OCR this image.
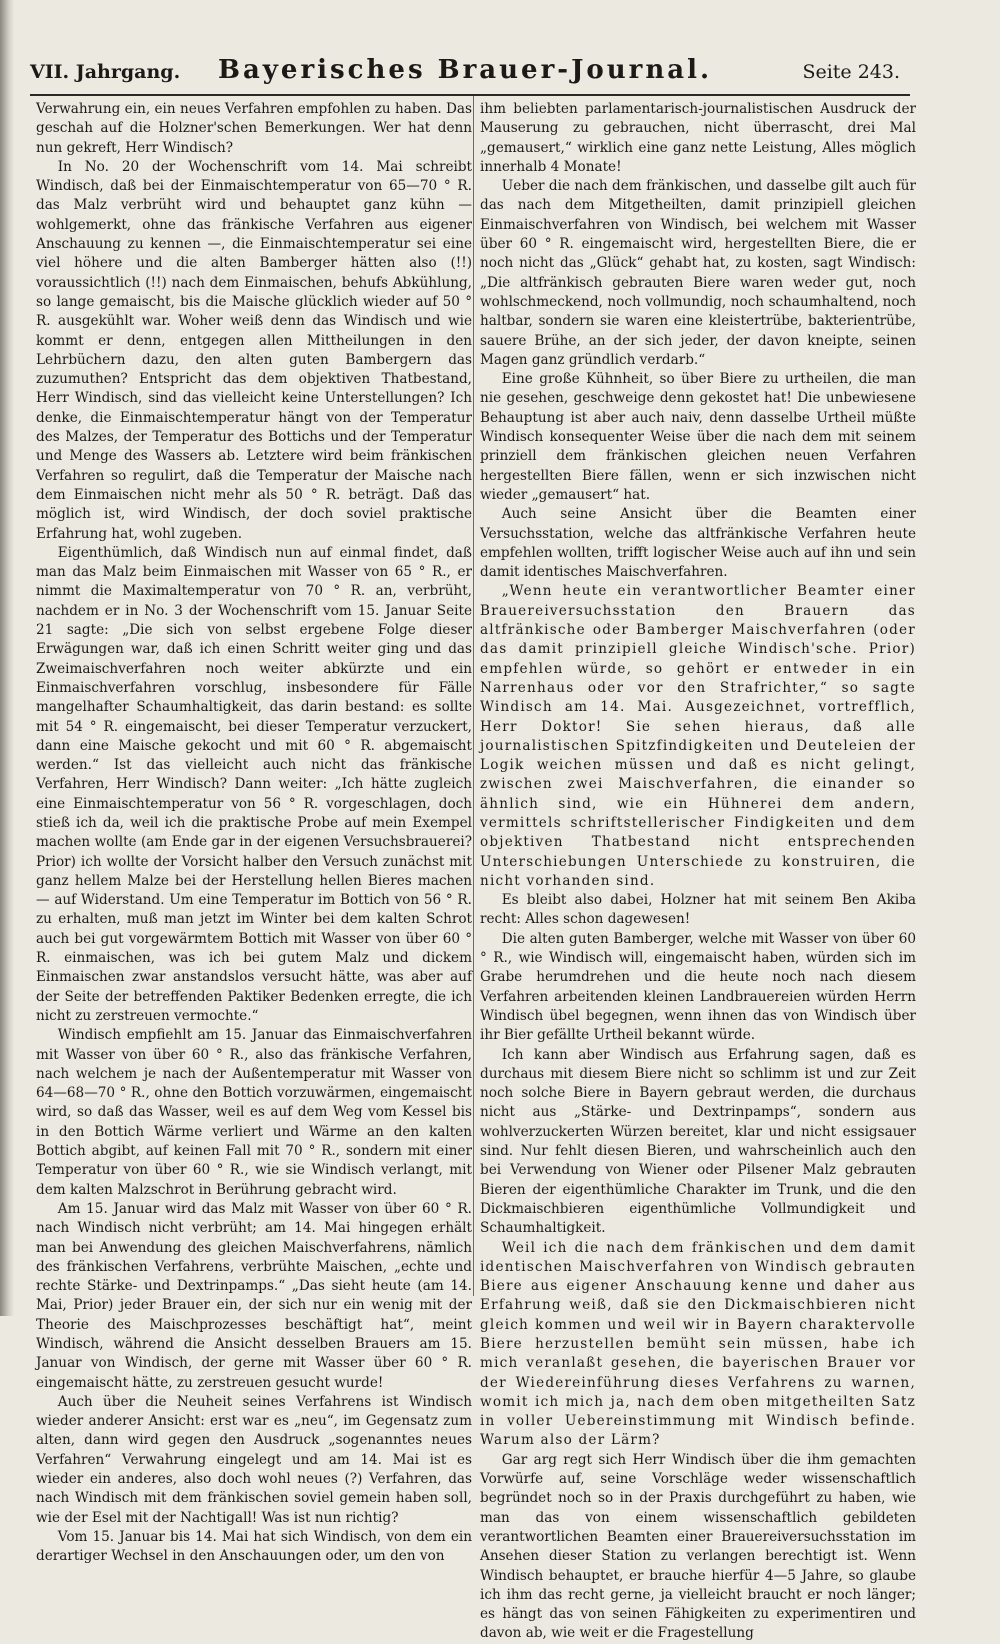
VII. Jahrgang.	Bayerisches Brauer-Journal.	Seite 243.

Verwahrung ein, ein neues Verfahren empfohlen zu haben. Das geschah auf die Holzner'schen Bemerkungen. Wer hat denn nun gekreft, Herr Windisch?

In No. 20 der Wochenschrift vom 14. Mai schreibt Windisch, daß bei der Einmaischtemperatur von 65—70 ° R. das Malz verbrüht wird und behauptet ganz kühn — wohlgemerkt, ohne das fränkische Verfahren aus eigener Anschauung zu kennen —, die Einmaischtemperatur sei eine viel höhere und die alten Bamberger hätten also (!!) voraussichtlich (!!) nach dem Einmaischen, behufs Abkühlung, so lange gemaischt, bis die Maische glücklich wieder auf 50 ° R. ausgekühlt war. Woher weiß denn das Windisch und wie kommt er denn, entgegen allen Mittheilungen in den Lehrbüchern dazu, den alten guten Bambergern das zuzumuthen? Entspricht das dem objektiven Thatbestand, Herr Windisch, sind das vielleicht keine Unterstellungen? Ich denke, die Einmaischtemperatur hängt von der Temperatur des Malzes, der Temperatur des Bottichs und der Temperatur und Menge des Wassers ab. Letztere wird beim fränkischen Verfahren so regulirt, daß die Temperatur der Maische nach dem Einmaischen nicht mehr als 50 ° R. beträgt. Daß das möglich ist, wird Windisch, der doch soviel praktische Erfahrung hat, wohl zugeben.

Eigenthümlich, daß Windisch nun auf einmal findet, daß man das Malz beim Einmaischen mit Wasser von 65 ° R., er nimmt die Maximaltemperatur von 70 ° R. an, verbrüht, nachdem er in No. 3 der Wochenschrift vom 15. Januar Seite 21 sagte: „Die sich von selbst ergebene Folge dieser Erwägungen war, daß ich einen Schritt weiter ging und das Zweimaischverfahren noch weiter abkürzte und ein Einmaischverfahren vorschlug, insbesondere für Fälle mangelhafter Schaumhaltigkeit, das darin bestand: es sollte mit 54 ° R. eingemaischt, bei dieser Temperatur verzuckert, dann eine Maische gekocht und mit 60 ° R. abgemaischt werden.“ Ist das vielleicht auch nicht das fränkische Verfahren, Herr Windisch? Dann weiter: „Ich hätte zugleich eine Einmaischtemperatur von 56 ° R. vorgeschlagen, doch stieß ich da, weil ich die praktische Probe auf mein Exempel machen wollte (am Ende gar in der eigenen Versuchsbrauerei? Prior) ich wollte der Vorsicht halber den Versuch zunächst mit ganz hellem Malze bei der Herstellung hellen Bieres machen — auf Widerstand. Um eine Temperatur im Bottich von 56 ° R. zu erhalten, muß man jetzt im Winter bei dem kalten Schrot auch bei gut vorgewärmtem Bottich mit Wasser von über 60 ° R. einmaischen, was ich bei gutem Malz und dickem Einmaischen zwar anstandslos versucht hätte, was aber auf der Seite der betreffenden Paktiker Bedenken erregte, die ich nicht zu zerstreuen vermochte.“

Windisch empfiehlt am 15. Januar das Einmaischverfahren mit Wasser von über 60 ° R., also das fränkische Verfahren, nach welchem je nach der Außentemperatur mit Wasser von 64—68—70 ° R., ohne den Bottich vorzuwärmen, eingemaischt wird, so daß das Wasser, weil es auf dem Weg vom Kessel bis in den Bottich Wärme verliert und Wärme an den kalten Bottich abgibt, auf keinen Fall mit 70 ° R., sondern mit einer Temperatur von über 60 ° R., wie sie Windisch verlangt, mit dem kalten Malzschrot in Berührung gebracht wird.

Am 15. Januar wird das Malz mit Wasser von über 60 ° R. nach Windisch nicht verbrüht; am 14. Mai hingegen erhält man bei Anwendung des gleichen Maischverfahrens, nämlich des fränkischen Verfahrens, verbrühte Maischen, „echte und rechte Stärke- und Dextrinpamps.“ „Das sieht heute (am 14. Mai, Prior) jeder Brauer ein, der sich nur ein wenig mit der Theorie des Maischprozesses beschäftigt hat“, meint Windisch, während die Ansicht desselben Brauers am 15. Januar von Windisch, der gerne mit Wasser über 60 ° R. eingemaischt hätte, zu zerstreuen gesucht wurde!

Auch über die Neuheit seines Verfahrens ist Windisch wieder anderer Ansicht: erst war es „neu“, im Gegensatz zum alten, dann wird gegen den Ausdruck „sogenanntes neues Verfahren“ Verwahrung eingelegt und am 14. Mai ist es wieder ein anderes, also doch wohl neues (?) Verfahren, das nach Windisch mit dem fränkischen soviel gemein haben soll, wie der Esel mit der Nachtigall! Was ist nun richtig?

Vom 15. Januar bis 14. Mai hat sich Windisch, von dem ein derartiger Wechsel in den Anschauungen oder, um den von

ihm beliebten parlamentarisch-journalistischen Ausdruck der Mauserung zu gebrauchen, nicht überrascht, drei Mal „gemausert,“ wirklich eine ganz nette Leistung, Alles möglich innerhalb 4 Monate!

Ueber die nach dem fränkischen, und dasselbe gilt auch für das nach dem Mitgetheilten, damit prinzipiell gleichen Einmaischverfahren von Windisch, bei welchem mit Wasser über 60 ° R. eingemaischt wird, hergestellten Biere, die er noch nicht das „Glück“ gehabt hat, zu kosten, sagt Windisch: „Die altfränkisch gebrauten Biere waren weder gut, noch wohlschmeckend, noch vollmundig, noch schaumhaltend, noch haltbar, sondern sie waren eine kleistertrübe, bakterientrübe, sauere Brühe, an der sich jeder, der davon kneipte, seinen Magen ganz gründlich verdarb.“

Eine große Kühnheit, so über Biere zu urtheilen, die man nie gesehen, geschweige denn gekostet hat! Die unbewiesene Behauptung ist aber auch naiv, denn dasselbe Urtheil müßte Windisch konsequenter Weise über die nach dem mit seinem prinziell dem fränkischen gleichen neuen Verfahren hergestellten Biere fällen, wenn er sich inzwischen nicht wieder „gemausert“ hat.

Auch seine Ansicht über die Beamten einer Versuchsstation, welche das altfränkische Verfahren heute empfehlen wollten, trifft logischer Weise auch auf ihn und sein damit identisches Maischverfahren.

„Wenn heute ein verantwortlicher Beamter einer Brauereiversuchsstation den Brauern das altfränkische oder Bamberger Maischverfahren (oder das damit prinzipiell gleiche Windisch'sche. Prior) empfehlen würde, so gehört er entweder in ein Narrenhaus oder vor den Strafrichter,“ so sagte Windisch am 14. Mai. Ausgezeichnet, vortrefflich, Herr Doktor! Sie sehen hieraus, daß alle journalistischen Spitzfindigkeiten und Deuteleien der Logik weichen müssen und daß es nicht gelingt, zwischen zwei Maischverfahren, die einander so ähnlich sind, wie ein Hühnerei dem andern, vermittels schriftstellerischer Findigkeiten und dem objektiven Thatbestand nicht entsprechenden Unterschiebungen Unterschiede zu konstruiren, die nicht vorhanden sind.

Es bleibt also dabei, Holzner hat mit seinem Ben Akiba recht: Alles schon dagewesen!

Die alten guten Bamberger, welche mit Wasser von über 60 ° R., wie Windisch will, eingemaischt haben, würden sich im Grabe herumdrehen und die heute noch nach diesem Verfahren arbeitenden kleinen Landbrauereien würden Herrn Windisch übel begegnen, wenn ihnen das von Windisch über ihr Bier gefällte Urtheil bekannt würde.

Ich kann aber Windisch aus Erfahrung sagen, daß es durchaus mit diesem Biere nicht so schlimm ist und zur Zeit noch solche Biere in Bayern gebraut werden, die durchaus nicht aus „Stärke- und Dextrinpamps“, sondern aus wohlverzuckerten Würzen bereitet, klar und nicht essigsauer sind. Nur fehlt diesen Bieren, und wahrscheinlich auch den bei Verwendung von Wiener oder Pilsener Malz gebrauten Bieren der eigenthümliche Charakter im Trunk, und die den Dickmaischbieren eigenthümliche Vollmundigkeit und Schaumhaltigkeit.

Weil ich die nach dem fränkischen und dem damit identischen Maischverfahren von Windisch gebrauten Biere aus eigener Anschauung kenne und daher aus Erfahrung weiß, daß sie den Dickmaischbieren nicht gleich kommen und weil wir in Bayern charaktervolle Biere herzustellen bemüht sein müssen, habe ich mich veranlaßt gesehen, die bayerischen Brauer vor der Wiedereinführung dieses Verfahrens zu warnen, womit ich mich ja, nach dem oben mitgetheilten Satz in voller Uebereinstimmung mit Windisch befinde. Warum also der Lärm?

Gar arg regt sich Herr Windisch über die ihm gemachten Vorwürfe auf, seine Vorschläge weder wissenschaftlich begründet noch so in der Praxis durchgeführt zu haben, wie man das von einem wissenschaftlich gebildeten verantwortlichen Beamten einer Brauereiversuchsstation im Ansehen dieser Station zu verlangen berechtigt ist. Wenn Windisch behauptet, er brauche hierfür 4—5 Jahre, so glaube ich ihm das recht gerne, ja vielleicht braucht er noch länger; es hängt das von seinen Fähigkeiten zu experimentiren und davon ab, wie weit er die Fragestellung
